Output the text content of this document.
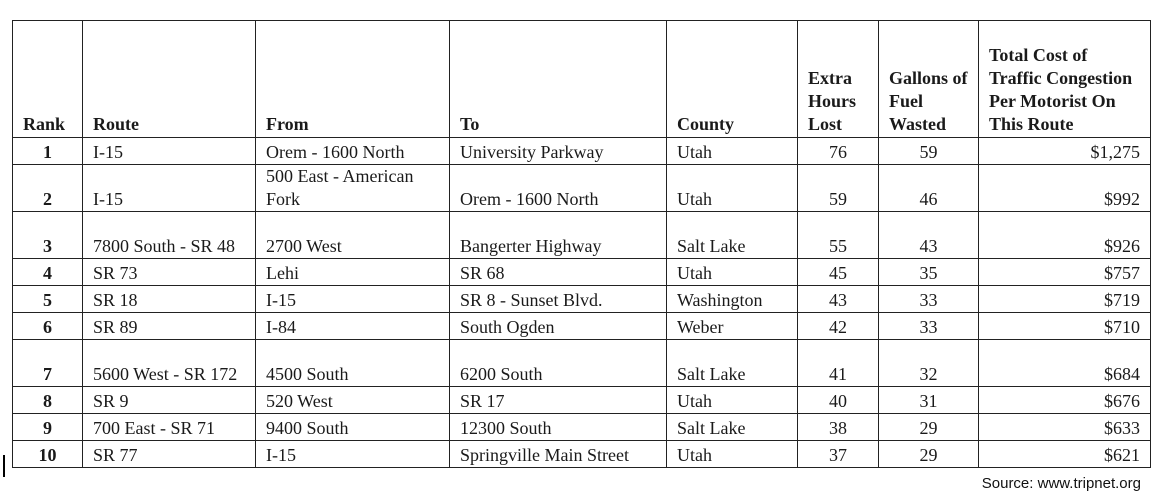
Rank	Route	From	To	County	Extra Hours Lost	Gallons of Fuel Wasted	Total Cost of Traffic Congestion Per Motorist On This Route
1	I-15	Orem - 1600 North	University Parkway	Utah	76	59	$1,275
2	I-15	500 East - American Fork	Orem - 1600 North	Utah	59	46	$992
3	7800 South - SR 48	2700 West	Bangerter Highway	Salt Lake	55	43	$926
4	SR 73	Lehi	SR 68	Utah	45	35	$757
5	SR 18	I-15	SR 8 - Sunset Blvd.	Washington	43	33	$719
6	SR 89	I-84	South Ogden	Weber	42	33	$710
7	5600 West - SR 172	4500 South	6200 South	Salt Lake	41	32	$684
8	SR 9	520 West	SR 17	Utah	40	31	$676
9	700 East - SR 71	9400 South	12300 South	Salt Lake	38	29	$633
10	SR 77	I-15	Springville Main Street	Utah	37	29	$621
Source: www.tripnet.org
